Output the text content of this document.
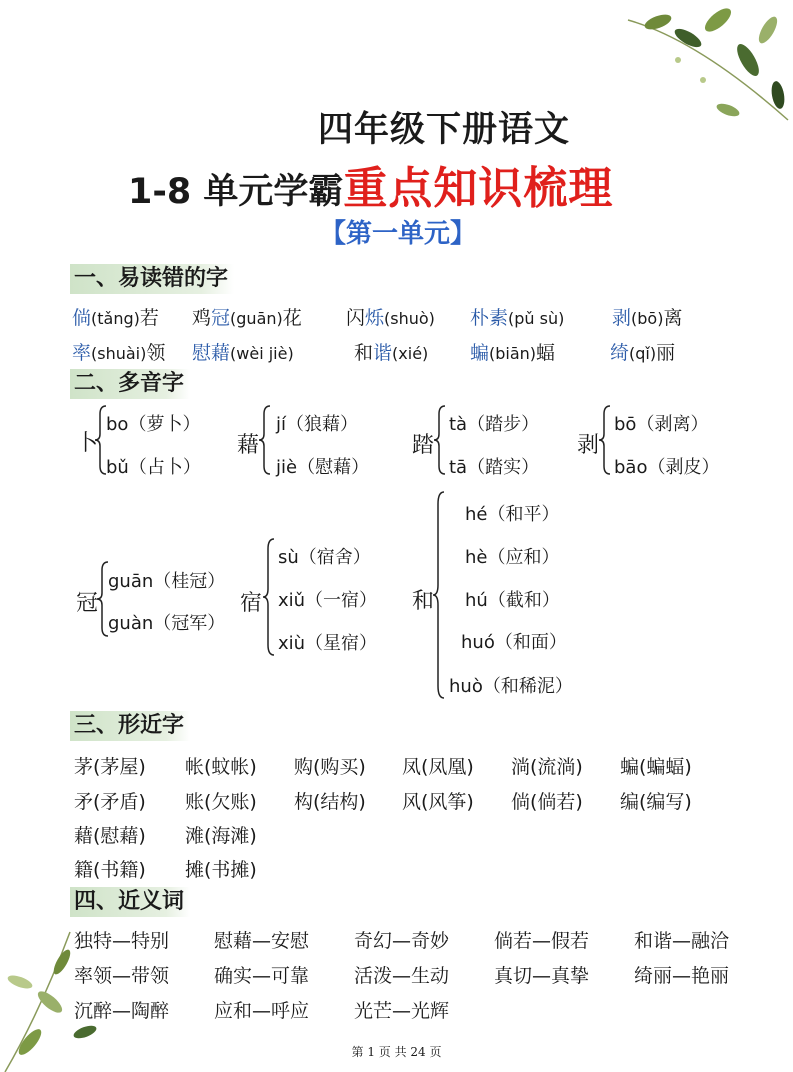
四年级下册语文
1-8 单元学霸重点知识梳理
【第一单元】
一、易读错的字
倘(tǎng)若 鸡冠(guān)花 闪烁(shuò) 朴素(pǔ sù)	剥(bō)离
率(shuài)领 慰藉(wèi jiè)	和谐(xié) 蝙(biān)蝠	绮(qǐ)丽
二、多音字
卜
bo（萝卜）
bǔ（占卜）
藉
jí（狼藉）
jiè（慰藉）
踏
tà（踏步）
tā（踏实）
剥
bō（剥离）
bāo（剥皮）
冠
guān（桂冠）
guàn（冠军）
宿
sù（宿舍）
xiǔ（一宿）
xiù（星宿）
和
hé（和平）
hè（应和）
hú（截和）
huó（和面）
huò（和稀泥）
三、形近字
茅(茅屋) 帐(蚊帐) 购(购买) 凤(凤凰) 淌(流淌) 蝙(蝙蝠)
矛(矛盾) 账(欠账) 构(结构) 风(风筝) 倘(倘若) 编(编写)
藉(慰藉) 滩(海滩)
籍(书籍) 摊(书摊)
四、近义词
独特—特别 慰藉—安慰 奇幻—奇妙 倘若—假若 和谐—融洽
率领—带领 确实—可靠 活泼—生动 真切—真挚 绮丽—艳丽
沉醉—陶醉 应和—呼应 光芒—光辉
第 1 页 共 24 页
